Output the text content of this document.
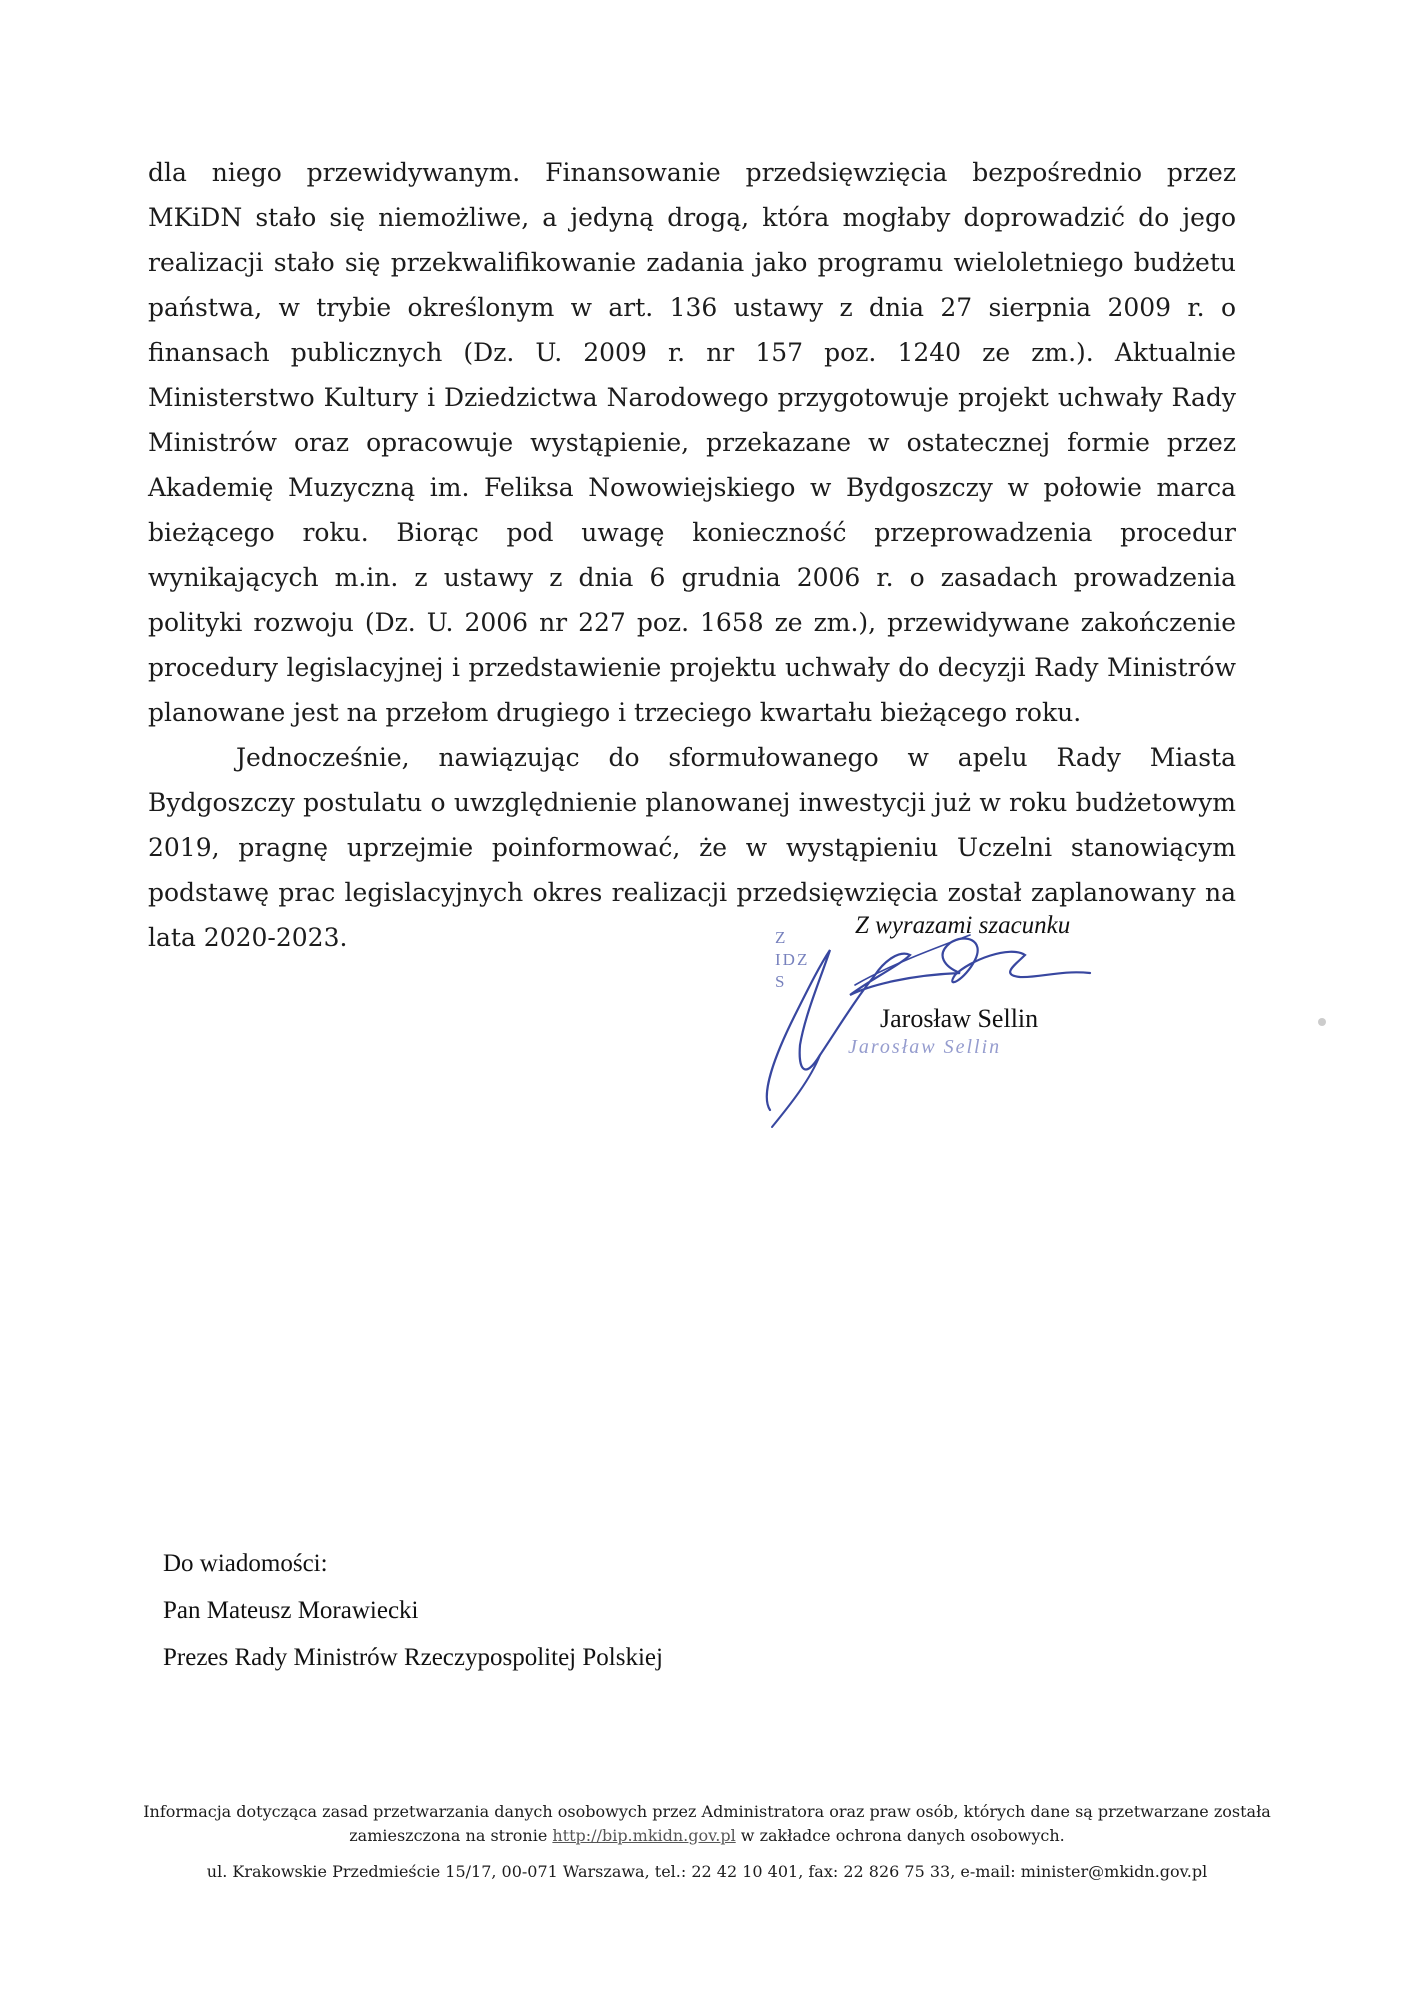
dla niego przewidywanym. Finansowanie przedsięwzięcia bezpośrednio przez MKiDN stało się niemożliwe, a jedyną drogą, która mogłaby doprowadzić do jego realizacji stało się przekwalifikowanie zadania jako programu wieloletniego budżetu państwa, w trybie określonym w art. 136 ustawy z dnia 27 sierpnia 2009 r. o finansach publicznych (Dz. U. 2009 r. nr 157 poz. 1240 ze zm.). Aktualnie Ministerstwo Kultury i Dziedzictwa Narodowego przygotowuje projekt uchwały Rady Ministrów oraz opracowuje wystąpienie, przekazane w ostatecznej formie przez Akademię Muzyczną im. Feliksa Nowowiejskiego w Bydgoszczy w połowie marca bieżącego roku. Biorąc pod uwagę konieczność przeprowadzenia procedur wynikających m.in. z ustawy z dnia 6 grudnia 2006 r. o zasadach prowadzenia polityki rozwoju (Dz. U. 2006 nr 227 poz. 1658 ze zm.), przewidywane zakończenie procedury legislacyjnej i przedstawienie projektu uchwały do decyzji Rady Ministrów planowane jest na przełom drugiego i trzeciego kwartału bieżącego roku.

Jednocześnie, nawiązując do sformułowanego w apelu Rady Miasta Bydgoszczy postulatu o uwzględnienie planowanej inwestycji już w roku budżetowym 2019, pragnę uprzejmie poinformować, że w wystąpieniu Uczelni stanowiącym podstawę prac legislacyjnych okres realizacji przedsięwzięcia został zaplanowany na lata 2020-2023.	Z
IDZ
S
Z wyrazami szacunku
Jarosław Sellin
Jarosław Sellin
Do wiadomości:
Pan Mateusz Morawiecki
Prezes Rady Ministrów Rzeczypospolitej Polskiej
Informacja dotycząca zasad przetwarzania danych osobowych przez Administratora oraz praw osób, których dane są przetwarzane została zamieszczona na stronie http://bip.mkidn.gov.pl w zakładce ochrona danych osobowych.
ul. Krakowskie Przedmieście 15/17, 00-071 Warszawa, tel.: 22 42 10 401, fax: 22 826 75 33, e-mail: minister@mkidn.gov.pl
